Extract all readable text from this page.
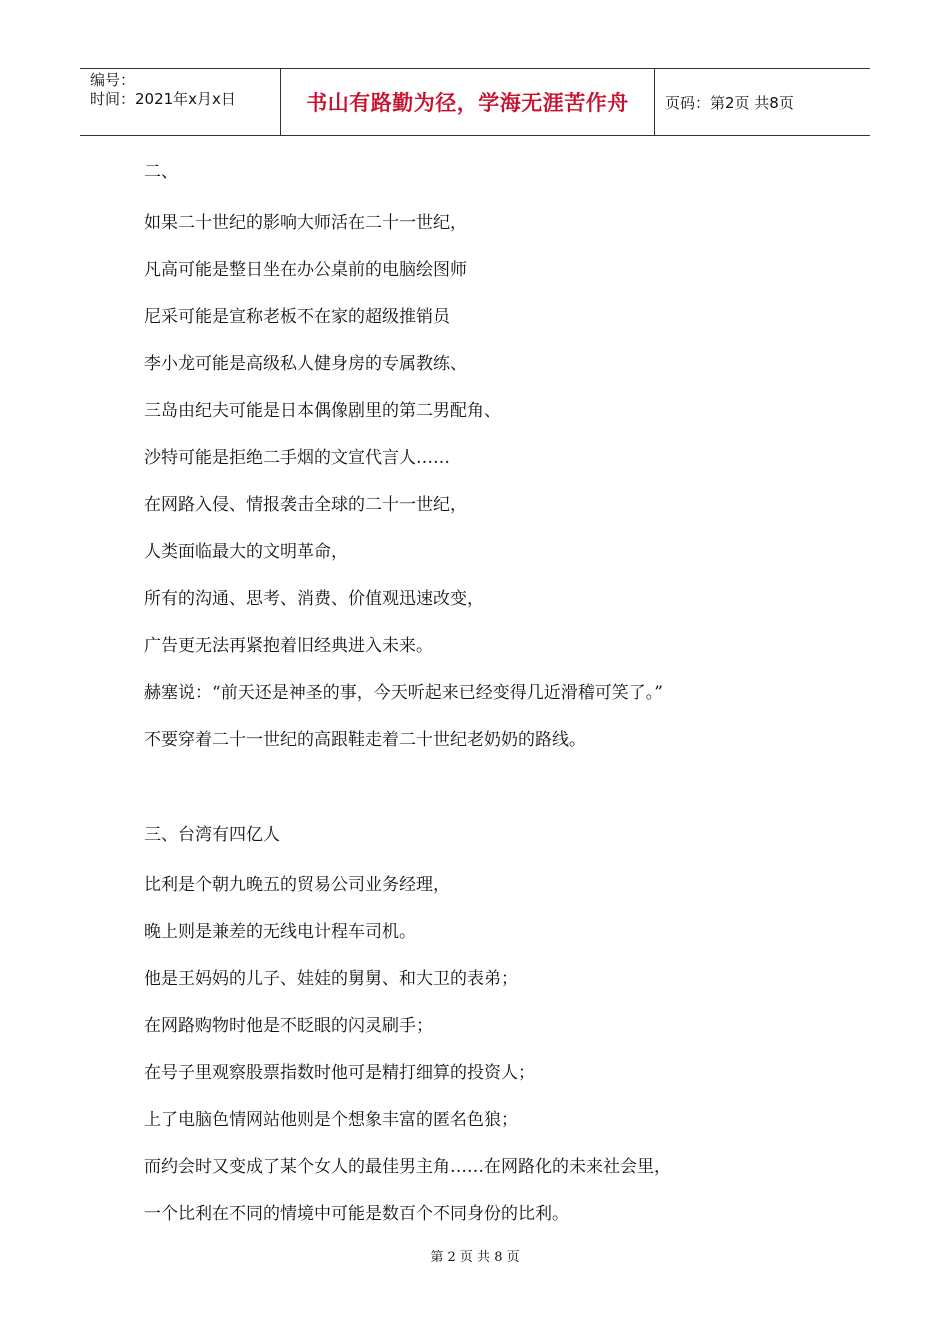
编号：
时间：2021年x月x日	书山有路勤为径，学海无涯苦作舟	页码：第2页 共8页
二、
如果二十世纪的影响大师活在二十一世纪，
凡高可能是整日坐在办公桌前的电脑绘图师
尼采可能是宣称老板不在家的超级推销员
李小龙可能是高级私人健身房的专属教练、
三岛由纪夫可能是日本偶像剧里的第二男配角、
沙特可能是拒绝二手烟的文宣代言人……
在网路入侵、情报袭击全球的二十一世纪，
人类面临最大的文明革命，
所有的沟通、思考、消费、价值观迅速改变，
广告更无法再紧抱着旧经典进入未来。
赫塞说：“前天还是神圣的事，今天听起来已经变得几近滑稽可笑了。”
不要穿着二十一世纪的高跟鞋走着二十世纪老奶奶的路线。
三、台湾有四亿人
比利是个朝九晚五的贸易公司业务经理，
晚上则是兼差的无线电计程车司机。
他是王妈妈的儿子、娃娃的舅舅、和大卫的表弟；
在网路购物时他是不眨眼的闪灵刷手；
在号子里观察股票指数时他可是精打细算的投资人；
上了电脑色情网站他则是个想象丰富的匿名色狼；
而约会时又变成了某个女人的最佳男主角……在网路化的未来社会里，
一个比利在不同的情境中可能是数百个不同身份的比利。
第 2 页 共 8 页
